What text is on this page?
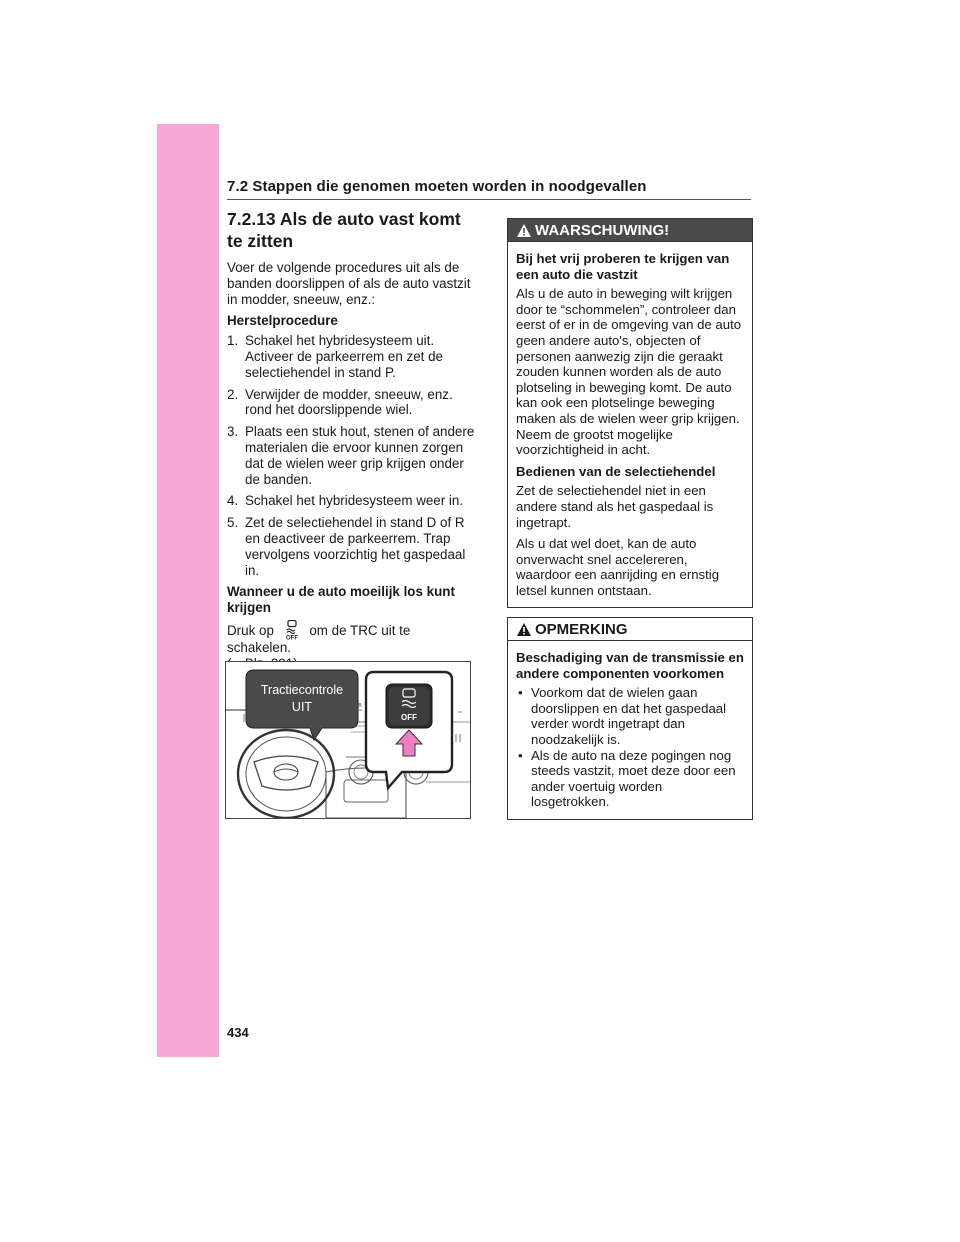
7.2 Stappen die genomen moeten worden in noodgevallen
7.2.13 Als de auto vast komt te zitten
Voer de volgende procedures uit als de banden doorslippen of als de auto vastzit in modder, sneeuw, enz.:
Herstelprocedure
1. Schakel het hybridesysteem uit. Activeer de parkeerrem en zet de selectiehendel in stand P.
2. Verwijder de modder, sneeuw, enz. rond het doorslippende wiel.
3. Plaats een stuk hout, stenen of andere materialen die ervoor kunnen zorgen dat de wielen weer grip krijgen onder de banden.
4. Schakel het hybridesysteem weer in.
5. Zet de selectiehendel in stand D of R en deactiveer de parkeerrem. Trap vervolgens voorzichtig het gaspedaal in.
Wanneer u de auto moeilijk los kunt krijgen
Druk op
OFF
om de TRC uit te schakelen.

Tractiecontrole
UIT
OFF
WAARSCHUWING!
Bij het vrij proberen te krijgen van een auto die vastzit
Als u de auto in beweging wilt krijgen door te “schommelen”, controleer dan eerst of er in de omgeving van de auto geen andere auto's, objecten of personen aanwezig zijn die geraakt zouden kunnen worden als de auto plotseling in beweging komt. De auto kan ook een plotselinge beweging maken als de wielen weer grip krijgen. Neem de grootst mogelijke voorzichtigheid in acht.
Bedienen van de selectiehendel
Zet de selectiehendel niet in een andere stand als het gaspedaal is ingetrapt.
Als u dat wel doet, kan de auto onverwacht snel accelereren, waardoor een aanrijding en ernstig letsel kunnen ontstaan.
OPMERKING
Beschadiging van de transmissie en andere componenten voorkomen
• Voorkom dat de wielen gaan doorslippen en dat het gaspedaal verder wordt ingetrapt dan noodzakelijk is.
• Als de auto na deze pogingen nog steeds vastzit, moet deze door een ander voertuig worden losgetrokken.
434
